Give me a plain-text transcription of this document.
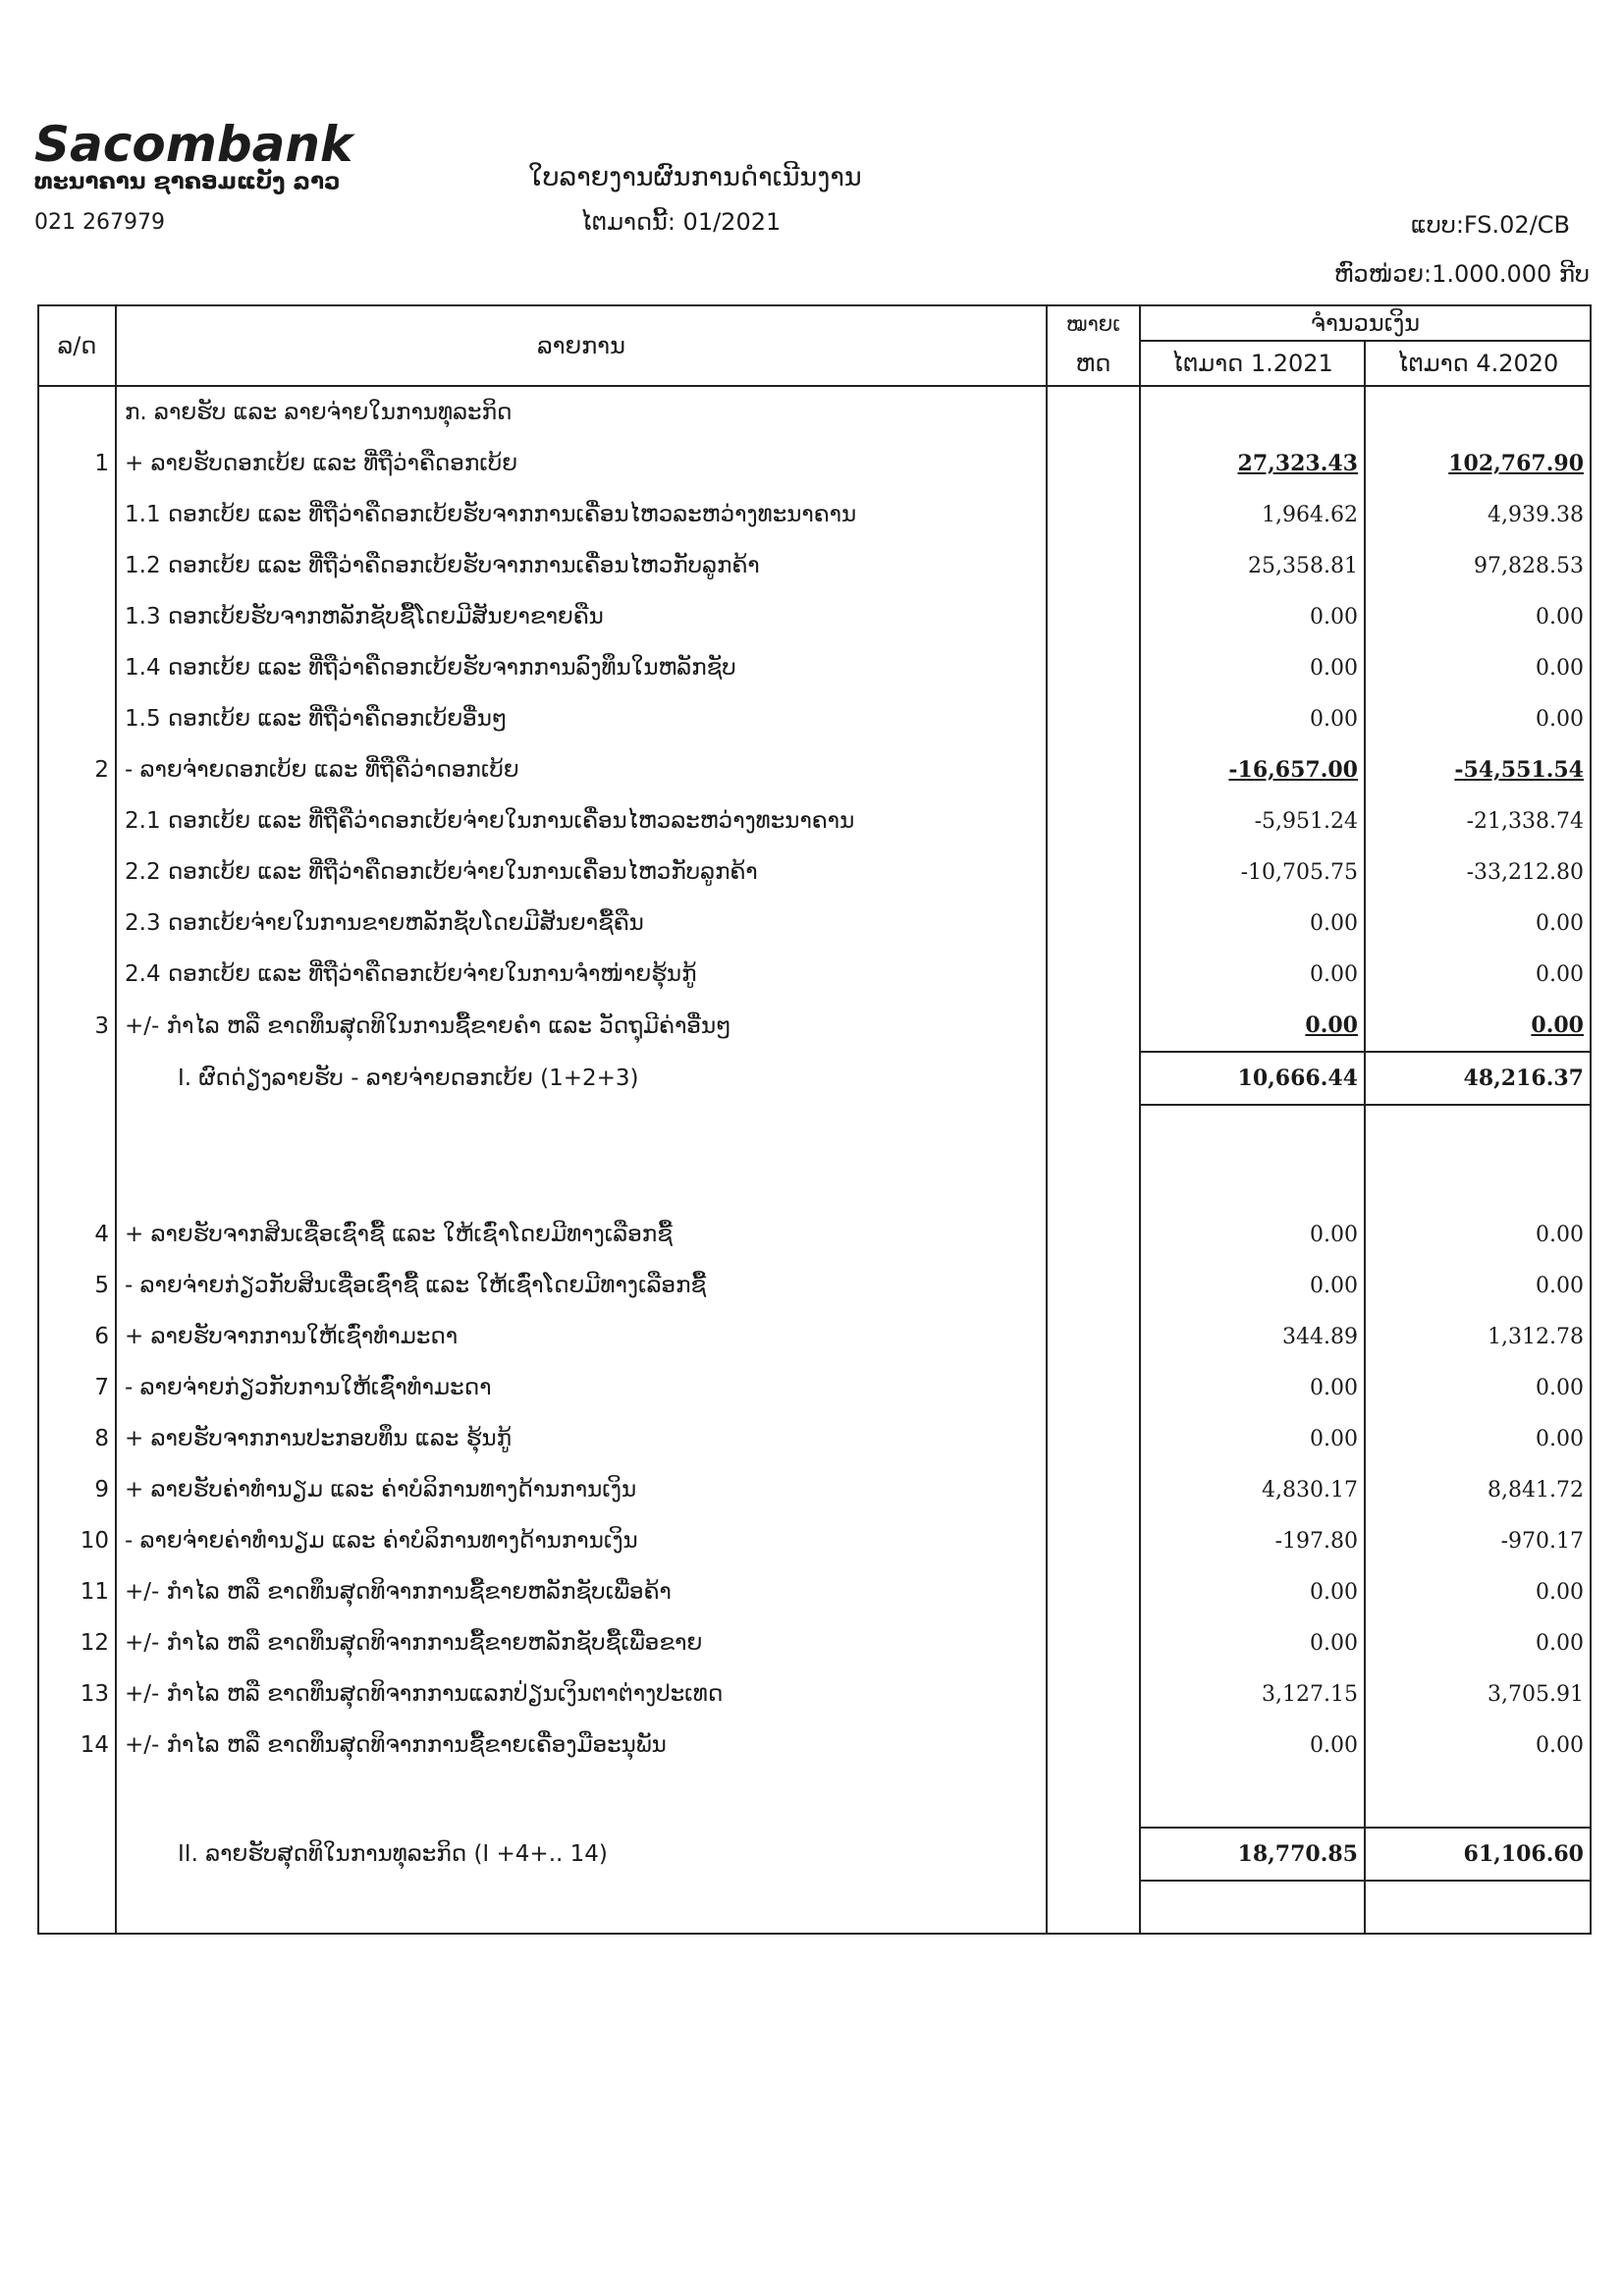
Sacombank
ທະນາຄານ ຊາຄອມແບັງ ລາວ
021 267979
ໃບລາຍງານຜົນການດຳເນີນງານ
ໄຕມາດນີ້: 01/2021	ແບບ:FS.02/CB
ຫົວໜ່ວຍ:1.000.000 ກີບ
ລ/ດ	ລາຍການ	ໝາຍເ	ຈຳນວນເງິນ	
		ຫດ	ໄຕມາດ 1.2021	ໄຕມາດ 4.2020
	ກ. ລາຍຮັບ ແລະ ລາຍຈ່າຍໃນການທຸລະກິດ			
1	+ ລາຍຮັບດອກເບ້ຍ ແລະ ທີ່ຖືວ່າຄືດອກເບ້ຍ		27,323.43	102,767.90
	1.1 ດອກເບ້ຍ ແລະ ທີ່ຖືວ່າຄືດອກເບ້ຍຮັບຈາກການເຄື່ອນໄຫວລະຫວ່າງທະນາຄານ		1,964.62	4,939.38
	1.2 ດອກເບ້ຍ ແລະ ທີ່ຖືວ່າຄືດອກເບ້ຍຮັບຈາກການເຄື່ອນໄຫວກັບລູກຄ້າ		25,358.81	97,828.53
	1.3 ດອກເບ້ຍຮັບຈາກຫລັກຊັບຊື້ໂດຍມີສັນຍາຂາຍຄືນ		0.00	0.00
	1.4 ດອກເບ້ຍ ແລະ ທີ່ຖືວ່າຄືດອກເບ້ຍຮັບຈາກການລົງທຶນໃນຫລັກຊັບ		0.00	0.00
	1.5 ດອກເບ້ຍ ແລະ ທີ່ຖືວ່າຄືດອກເບ້ຍອື່ນໆ		0.00	0.00
2	- ລາຍຈ່າຍດອກເບ້ຍ ແລະ ທີ່ຖືຄືວ່າດອກເບ້ຍ		-16,657.00	-54,551.54
	2.1 ດອກເບ້ຍ ແລະ ທີ່ຖືຄືວ່າດອກເບ້ຍຈ່າຍໃນການເຄື່ອນໄຫວລະຫວ່າງທະນາຄານ		-5,951.24	-21,338.74
	2.2 ດອກເບ້ຍ ແລະ ທີ່ຖືວ່າຄືດອກເບ້ຍຈ່າຍໃນການເຄື່ອນໄຫວກັບລູກຄ້າ		-10,705.75	-33,212.80
	2.3 ດອກເບ້ຍຈ່າຍໃນການຂາຍຫລັກຊັບໂດຍມີສັນຍາຊື້ຄືນ		0.00	0.00
	2.4 ດອກເບ້ຍ ແລະ ທີ່ຖືວ່າຄືດອກເບ້ຍຈ່າຍໃນການຈຳໜ່າຍຮຸ້ນກູ້		0.00	0.00
3	+/- ກຳໄລ ຫລື ຂາດທຶນສຸດທິໃນການຊື້ຂາຍຄຳ ແລະ ວັດຖຸມີຄ່າອື່ນໆ		0.00	0.00
	I. ຜົດດ່ຽງລາຍຮັບ - ລາຍຈ່າຍດອກເບ້ຍ (1+2+3)		10,666.44	48,216.37

4	+ ລາຍຮັບຈາກສິນເຊື່ອເຊົ່າຊື້ ແລະ ໃຫ້ເຊົ່າໂດຍມີທາງເລືອກຊື້		0.00	0.00
5	- ລາຍຈ່າຍກ່ຽວກັບສິນເຊື່ອເຊົ່າຊື້ ແລະ ໃຫ້ເຊົ່າໂດຍມີທາງເລືອກຊື້		0.00	0.00
6	+ ລາຍຮັບຈາກການໃຫ້ເຊົ່າທຳມະດາ		344.89	1,312.78
7	- ລາຍຈ່າຍກ່ຽວກັບການໃຫ້ເຊົ່າທຳມະດາ		0.00	0.00
8	+ ລາຍຮັບຈາກການປະກອບທຶນ ແລະ ຮຸ້ນກູ້		0.00	0.00
9	+ ລາຍຮັບຄ່າທຳນຽມ ແລະ ຄ່າບໍລິການທາງດ້ານການເງິນ		4,830.17	8,841.72
10	- ລາຍຈ່າຍຄ່າທຳນຽມ ແລະ ຄ່າບໍລິການທາງດ້ານການເງິນ		-197.80	-970.17
11	+/- ກຳໄລ ຫລື ຂາດທຶນສຸດທິຈາກການຊື້ຂາຍຫລັກຊັບເພື່ອຄ້າ		0.00	0.00
12	+/- ກຳໄລ ຫລື ຂາດທຶນສຸດທິຈາກການຊື້ຂາຍຫລັກຊັບຊື້ເພື່ອຂາຍ		0.00	0.00
13	+/- ກຳໄລ ຫລື ຂາດທຶນສຸດທິຈາກການແລກປ່ຽນເງິນຕາຕ່າງປະເທດ		3,127.15	3,705.91
14	+/- ກຳໄລ ຫລື ຂາດທຶນສຸດທິຈາກການຊື້ຂາຍເຄື່ອງມືອະນຸພັນ		0.00	0.00

	II. ລາຍຮັບສຸດທິໃນການທຸລະກິດ (I +4+.. 14)		18,770.85	61,106.60
